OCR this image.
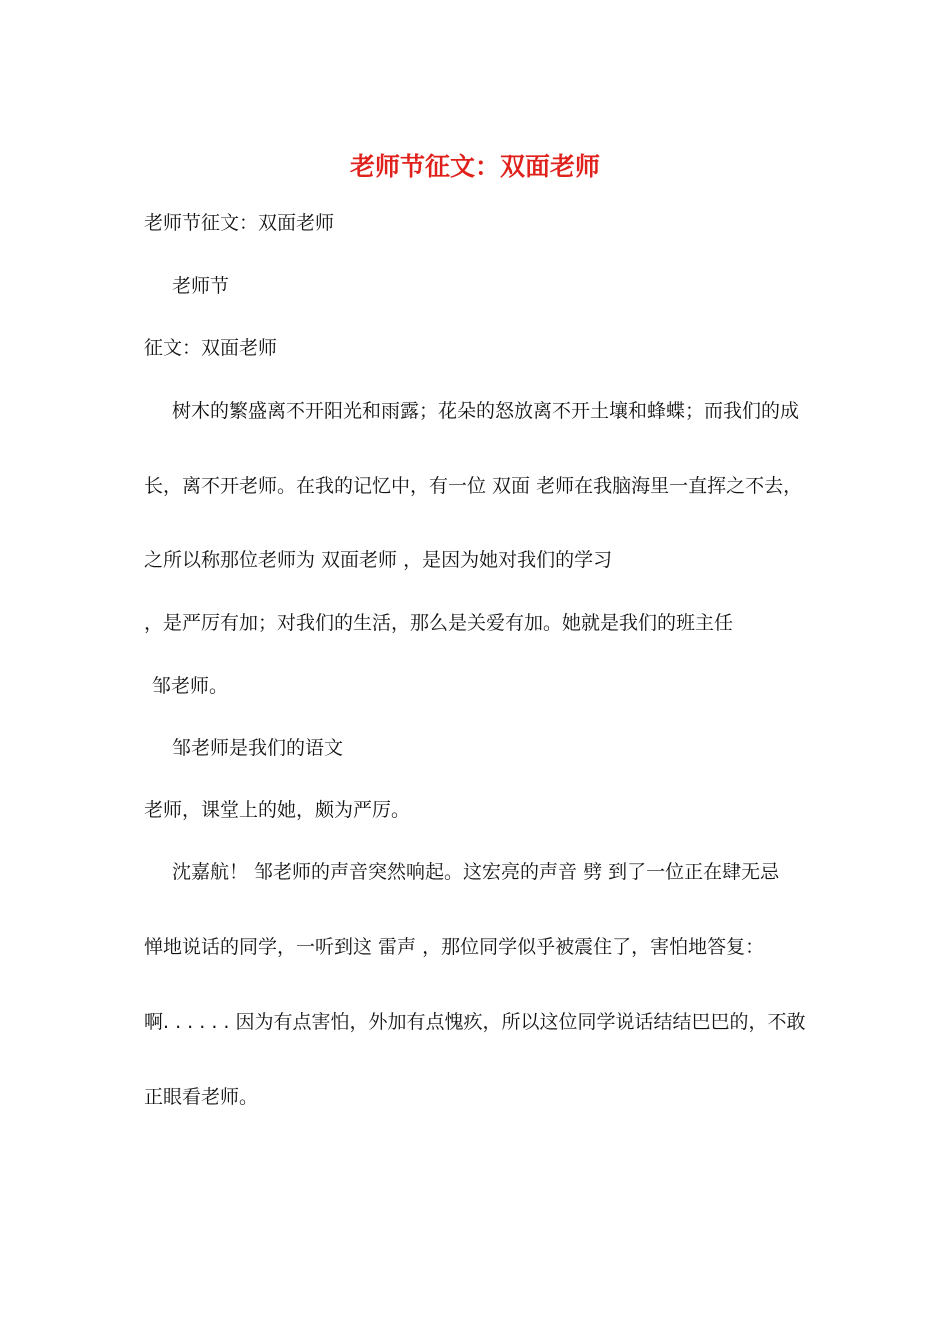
老师节征文：双面老师

老师节征文：双面老师

老师节

征文：双面老师

树木的繁盛离不开阳光和雨露；花朵的怒放离不开土壤和蜂蝶；而我们的成

长，离不开老师。在我的记忆中，有一位 双面 老师在我脑海里一直挥之不去，

之所以称那位老师为 双面老师 ，是因为她对我们的学习

，是严厉有加；对我们的生活，那么是关爱有加。她就是我们的班主任

邹老师。

邹老师是我们的语文

老师，课堂上的她，颇为严厉。

沈嘉航！ 邹老师的声音突然响起。这宏亮的声音 劈 到了一位正在肆无忌

惮地说话的同学，一听到这 雷声 ，那位同学似乎被震住了，害怕地答复：

啊. . . . . . 因为有点害怕，外加有点愧疚，所以这位同学说话结结巴巴的，不敢

正眼看老师。
